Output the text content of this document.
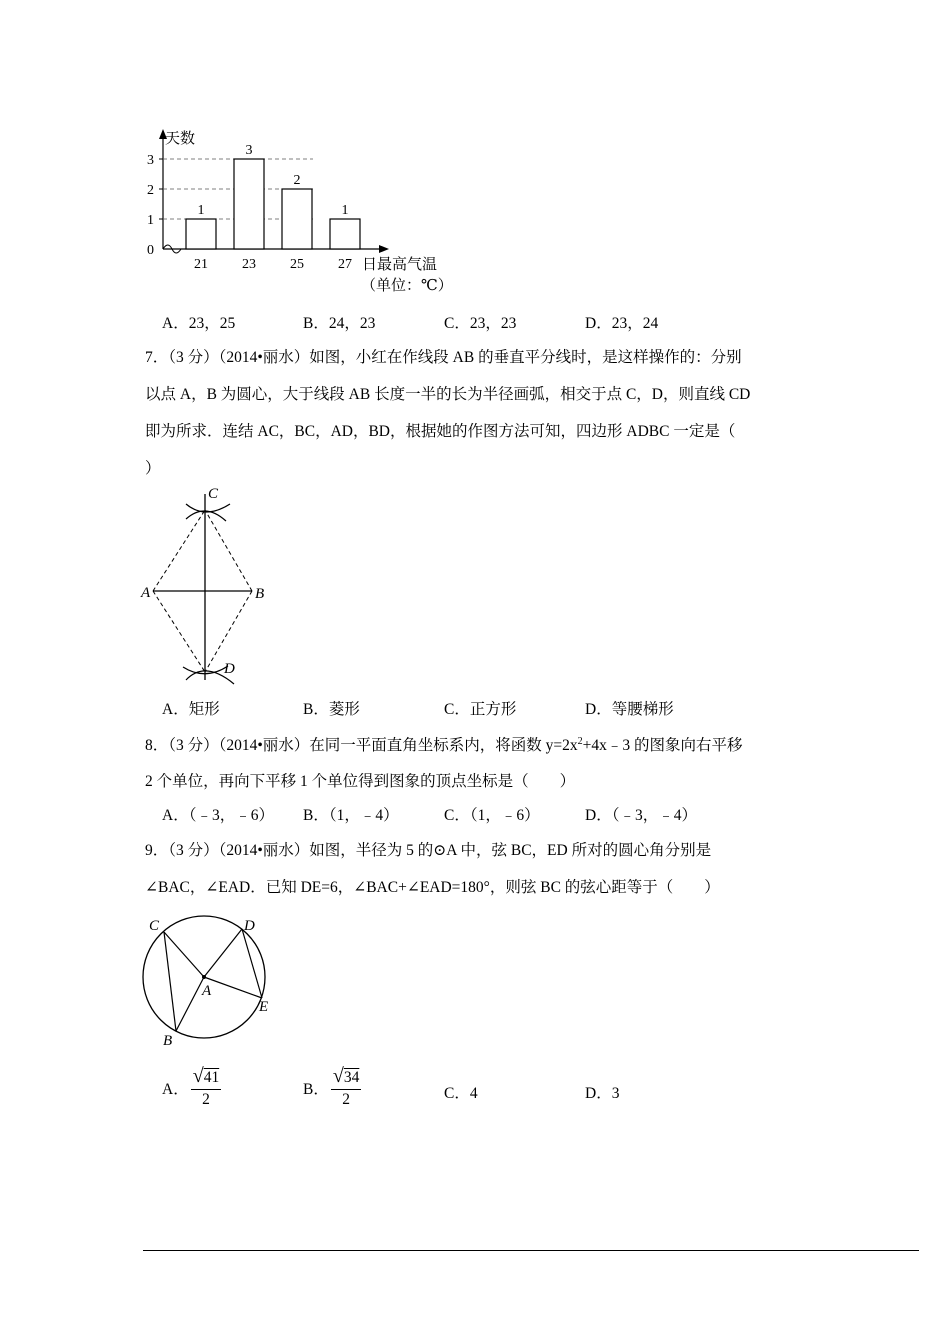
天数
日最高气温
（单位：℃）
0
1
2
3
1
21
3
23
2
25
1
27
A．23，25	B．24，23	C．23，23	D．23，24
7．（3 分）（2014•丽水）如图，小红在作线段 AB 的垂直平分线时，是这样操作的：分别
以点 A，B 为圆心，大于线段 AB 长度一半的长为半径画弧，相交于点 C，D，则直线 CD
即为所求．连结 AC，BC，AD，BD，根据她的作图方法可知，四边形 ADBC 一定是（
）
C
A	B
D
A．矩形	B．菱形	C．正方形	D．等腰梯形
8．（3 分）（2014•丽水）在同一平面直角坐标系内，将函数 $y=2x^2+4x﹣3$ 的图象向右平移
2 个单位，再向下平移 1 个单位得到图象的顶点坐标是（　　）
A．（﹣3，﹣6） B．（1，﹣4）	C．（1，﹣6）	D．（﹣3，﹣4）
9．（3 分）（2014•丽水）如图，半径为 5 的⊙A 中，弦 BC，ED 所对的圆心角分别是
∠BAC，∠EAD．已知 DE=6，∠BAC+∠EAD=180°，则弦 BC 的弦心距等于（　　）
C	D
A
E
B
A． $\frac{√41}{2}$	B． $\frac{√34}{2}$	C．4	D．3
